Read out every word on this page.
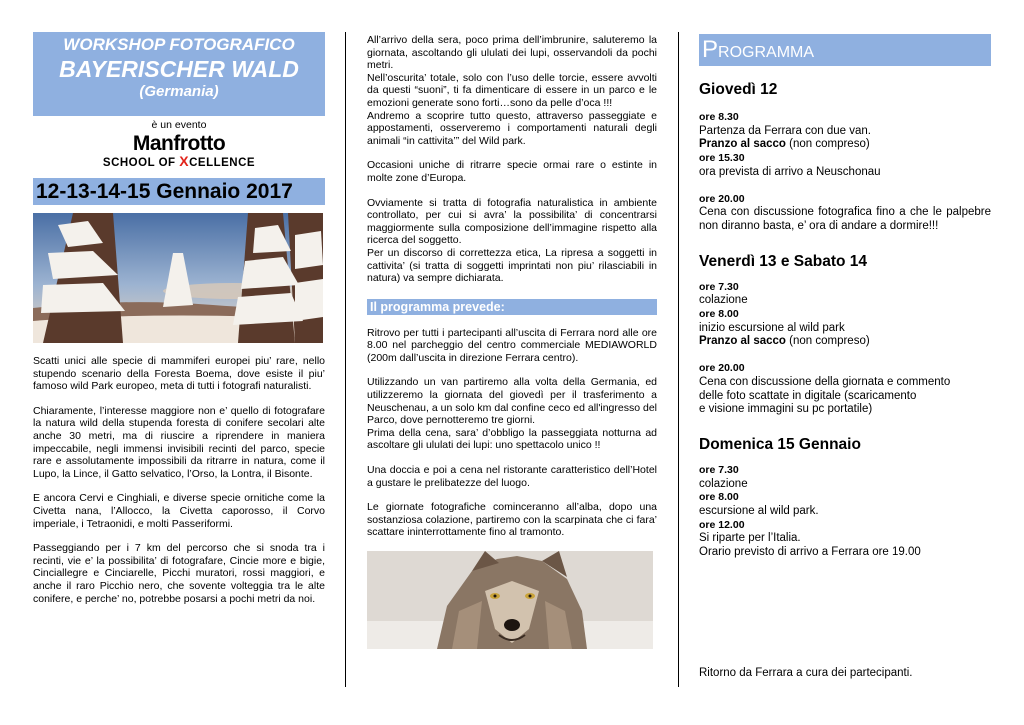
WORKSHOP FOTOGRAFICO
BAYERISCHER WALD
(Germania)
è un evento
Manfrotto
SCHOOL OF XCELLENCE
12-13-14-15 Gennaio 2017

Scatti unici alle specie di mammiferi europei piu’ rare, nello stupendo scenario della Foresta Boema, dove esiste il piu’ famoso wild Park europeo, meta di tutti i fotografi naturalisti.

Chiaramente, l’interesse maggiore non e’ quello di fotografare la natura wild della stupenda foresta di conifere secolari alte anche 30 metri, ma di riuscire a riprendere in maniera impeccabile, negli immensi invisibili recinti del parco, specie rare e assolutamente impossibili da ritrarre in natura, come il Lupo, la Lince, il Gatto selvatico, l’Orso, la Lontra, il Bisonte.

E ancora Cervi e Cinghiali, e diverse specie ornitiche come la Civetta nana, l’Allocco, la Civetta caporosso, il Corvo imperiale, i Tetraonidi, e molti Passeriformi.

Passeggiando per i 7 km del percorso che si snoda tra i recinti, vie e’ la possibilita’ di fotografare, Cincie more e bigie, Cinciallegre e Cinciarelle, Picchi muratori, rossi maggiori, e anche il raro Picchio nero, che sovente volteggia tra le alte conifere, e perche’ no, potrebbe posarsi a pochi metri da noi.

All’arrivo della sera, poco prima dell’imbrunire, saluteremo la giornata, ascoltando gli ululati dei lupi, osservandoli da pochi metri.

Nell’oscurita’ totale, solo con l’uso delle torcie, essere avvolti da questi “suoni”, ti fa dimenticare di essere in un parco e le emozioni generate sono forti…sono da pelle d’oca !!!

Andremo a scoprire tutto questo, attraverso passeggiate e appostamenti, osserveremo i comportamenti naturali degli animali “in cattivita’” del Wild park.

Occasioni uniche di ritrarre specie ormai rare o estinte in molte zone d’Europa.

Ovviamente si tratta di fotografia naturalistica in ambiente controllato, per cui si avra’ la possibilita’ di concentrarsi maggiormente sulla composizione dell’immagine rispetto alla ricerca del soggetto.

Per un discorso di correttezza etica, La ripresa a soggetti in cattivita’ (si tratta di soggetti imprintati non piu’ rilasciabili in natura) va sempre dichiarata.

Il programma prevede:

Ritrovo per tutti i partecipanti all’uscita di Ferrara nord alle ore 8.00 nel parcheggio del centro commerciale MEDIAWORLD (200m dall’uscita in direzione Ferrara centro).

Utilizzando un van partiremo alla volta della Germania, ed utilizzeremo la giornata del giovedì per il trasferimento a Neuschenau, a un solo km dal confine ceco ed all'ingresso del Parco, dove pernotteremo tre giorni.

Prima della cena, sara’ d’obbligo la passeggiata notturna ad ascoltare gli ululati dei lupi: uno spettacolo unico !!

Una doccia e poi a cena nel ristorante caratteristico dell’Hotel a gustare le prelibatezze del luogo.

Le giornate fotografiche cominceranno all’alba, dopo una sostanziosa colazione, partiremo con la scarpinata che ci fara’ scattare ininterrottamente fino al tramonto.

PROGRAMMA
Giovedì 12
ore 8.30
Partenza da Ferrara con due van.
Pranzo al sacco (non compreso)
ore 15.30
ora prevista di arrivo a Neuschonau
ore 20.00
Cena con discussione fotografica fino a che le palpebre non diranno basta, e’ ora di andare a dormire!!!
Venerdì 13 e Sabato 14
ore 7.30
colazione
ore 8.00
inizio escursione al wild park
Pranzo al sacco (non compreso)
ore 20.00
Cena con discussione della giornata e commento
delle foto scattate in digitale (scaricamento
e visione immagini su pc portatile)
Domenica 15 Gennaio
ore 7.30
colazione
ore 8.00
escursione al wild park.
ore 12.00
Si riparte per l’Italia.
Orario previsto di arrivo a Ferrara ore 19.00
Ritorno da Ferrara a cura dei partecipanti.
